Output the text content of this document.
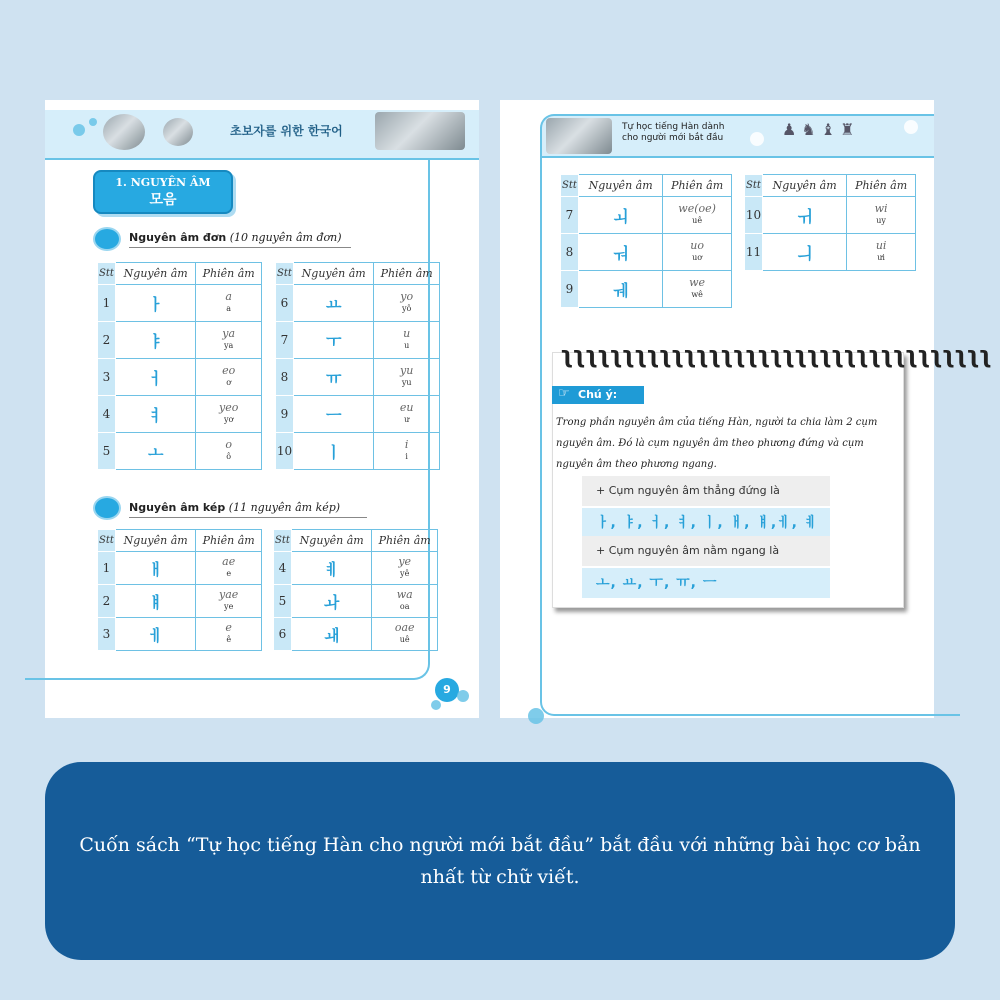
초보자를 위한 한국어
1. NGUYÊN ÂM
모음
Nguyên âm đơn (10 nguyên âm đơn)
Stt	Nguyên âm	Phiên âm
1	ㅏ	a
a

2	ㅑ	ya
ya

3	ㅓ	eo
ơ

4	ㅕ	yeo
yơ

5	ㅗ	o
ô
Stt	Nguyên âm	Phiên âm
6	ㅛ	yo
yô

7	ㅜ	u
u

8	ㅠ	yu
yu

9	ㅡ	eu
ư

10	ㅣ	i
i
Nguyên âm kép (11 nguyên âm kép)
Stt	Nguyên âm	Phiên âm
1	ㅐ	ae
e

2	ㅒ	yae
ye

3	ㅔ	e
ê
Stt	Nguyên âm	Phiên âm
4	ㅖ	ye
yê

5	ㅘ	wa
oa

6	ㅙ	oae
uê
9
Tự học tiếng Hàn dành
cho người mới bắt đầu	♟ ♞ ♝ ♜
Stt	Nguyên âm	Phiên âm
7	ㅚ	we(oe)
uê

8	ㅝ	uo
uơ

9	ㅞ	we
wê
Stt	Nguyên âm	Phiên âm
10	ㅟ	wi
uy

11	ㅢ	ui
ưi
ʅʅʅʅʅʅʅʅʅʅʅʅʅʅʅʅʅʅʅʅʅʅʅʅʅʅʅʅʅʅʅʅʅʅʅ
Chú ý:
☞
Trong phần nguyên âm của tiếng Hàn, người ta chia làm 2 cụm nguyên âm. Đó là cụm nguyên âm theo phương đứng và cụm nguyên âm theo phương ngang.
+ Cụm nguyên âm thẳng đứng là
ㅏ, ㅑ, ㅓ, ㅕ, ㅣ, ㅐ, ㅒ,ㅔ, ㅖ
+ Cụm nguyên âm nằm ngang là
ㅗ, ㅛ, ㅜ, ㅠ, ㅡ
Cuốn sách “Tự học tiếng Hàn cho người mới bắt đầu” bắt đầu với những bài học cơ bản nhất từ chữ viết.
